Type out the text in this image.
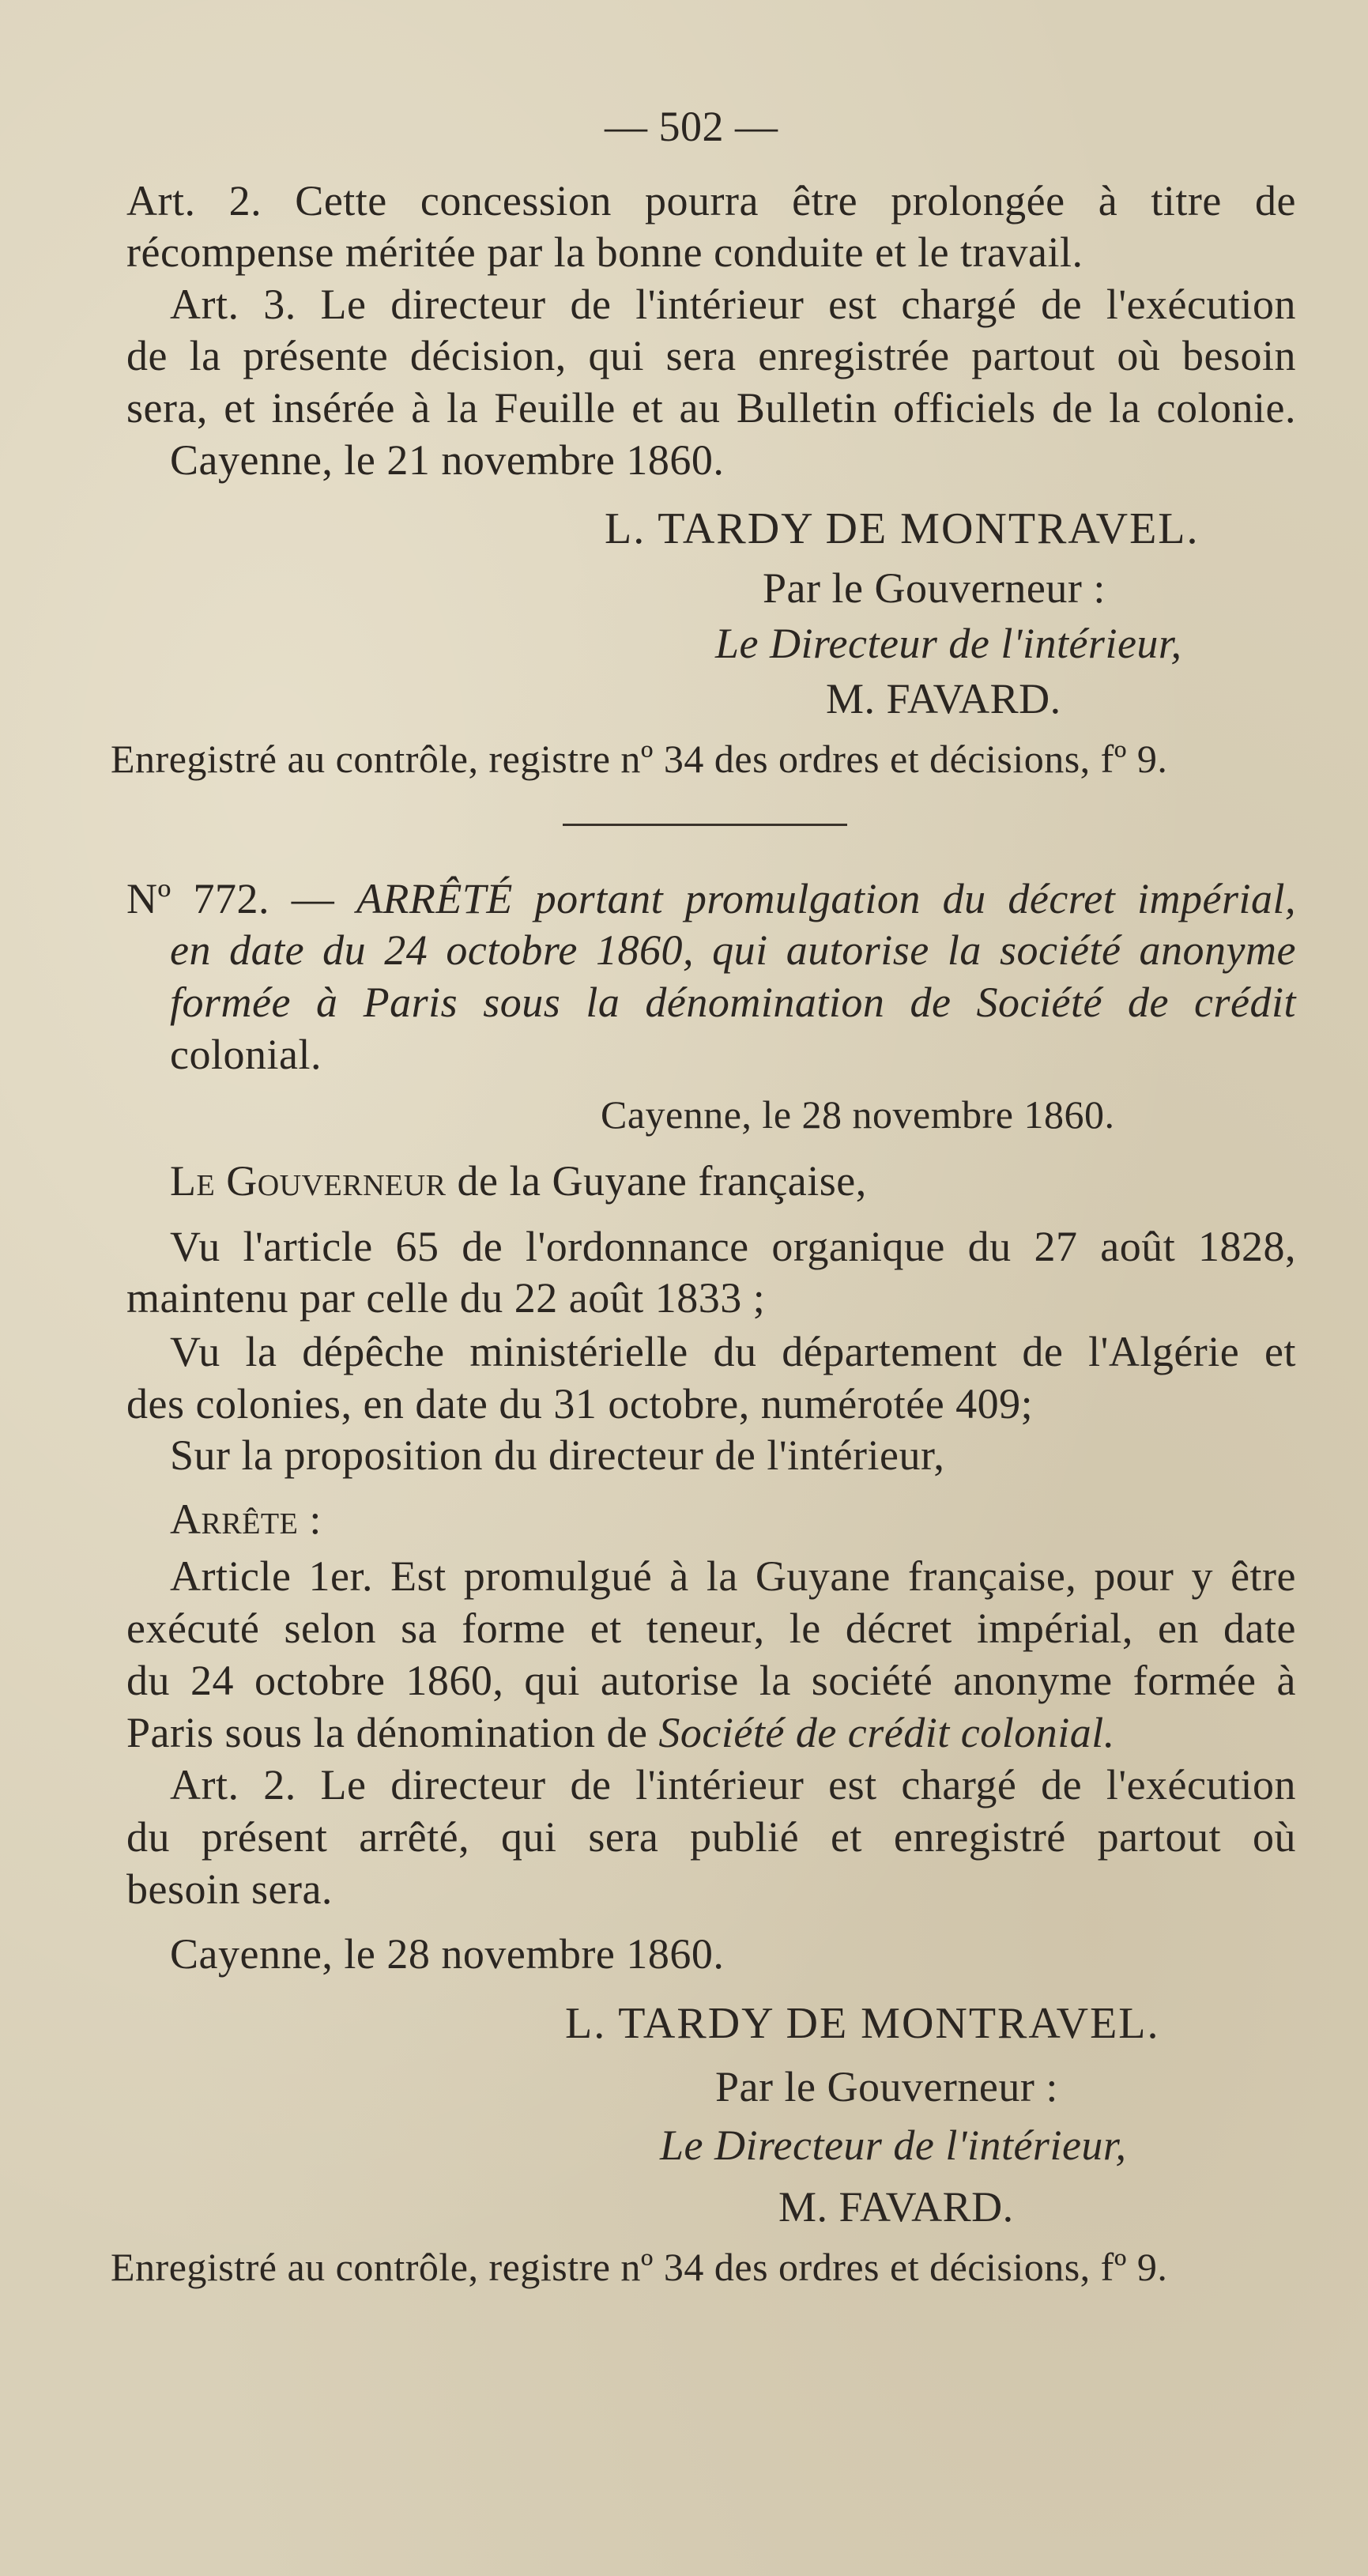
— 502 —
Art. 2. Cette concession pourra être prolongée à titre de
récompense méritée par la bonne conduite et le travail.
Art. 3. Le directeur de l'intérieur est chargé de l'exécution
de la présente décision, qui sera enregistrée partout où besoin
sera, et insérée à la Feuille et au Bulletin officiels de la colonie.
Cayenne, le 21 novembre 1860.
L. TARDY DE MONTRAVEL.
Par le Gouverneur :
Le Directeur de l'intérieur,
M. FAVARD.
Enregistré au contrôle, registre nº 34 des ordres et décisions, fº 9.
Nº 772. — ARRÊTÉ portant promulgation du décret impérial,
en date du 24 octobre 1860, qui autorise la société anonyme
formée à Paris sous la dénomination de Société de crédit
colonial.
Cayenne, le 28 novembre 1860.
Le Gouverneur de la Guyane française,
Vu l'article 65 de l'ordonnance organique du 27 août 1828,
maintenu par celle du 22 août 1833 ;
Vu la dépêche ministérielle du département de l'Algérie et
des colonies, en date du 31 octobre, numérotée 409;
Sur la proposition du directeur de l'intérieur,
Arrête :
Article 1er. Est promulgué à la Guyane française, pour y être
exécuté selon sa forme et teneur, le décret impérial, en date
du 24 octobre 1860, qui autorise la société anonyme formée à
Paris sous la dénomination de Société de crédit colonial.
Art. 2. Le directeur de l'intérieur est chargé de l'exécution
du présent arrêté, qui sera publié et enregistré partout où
besoin sera.
Cayenne, le 28 novembre 1860.
L. TARDY DE MONTRAVEL.
Par le Gouverneur :
Le Directeur de l'intérieur,
M. FAVARD.
Enregistré au contrôle, registre nº 34 des ordres et décisions, fº 9.
